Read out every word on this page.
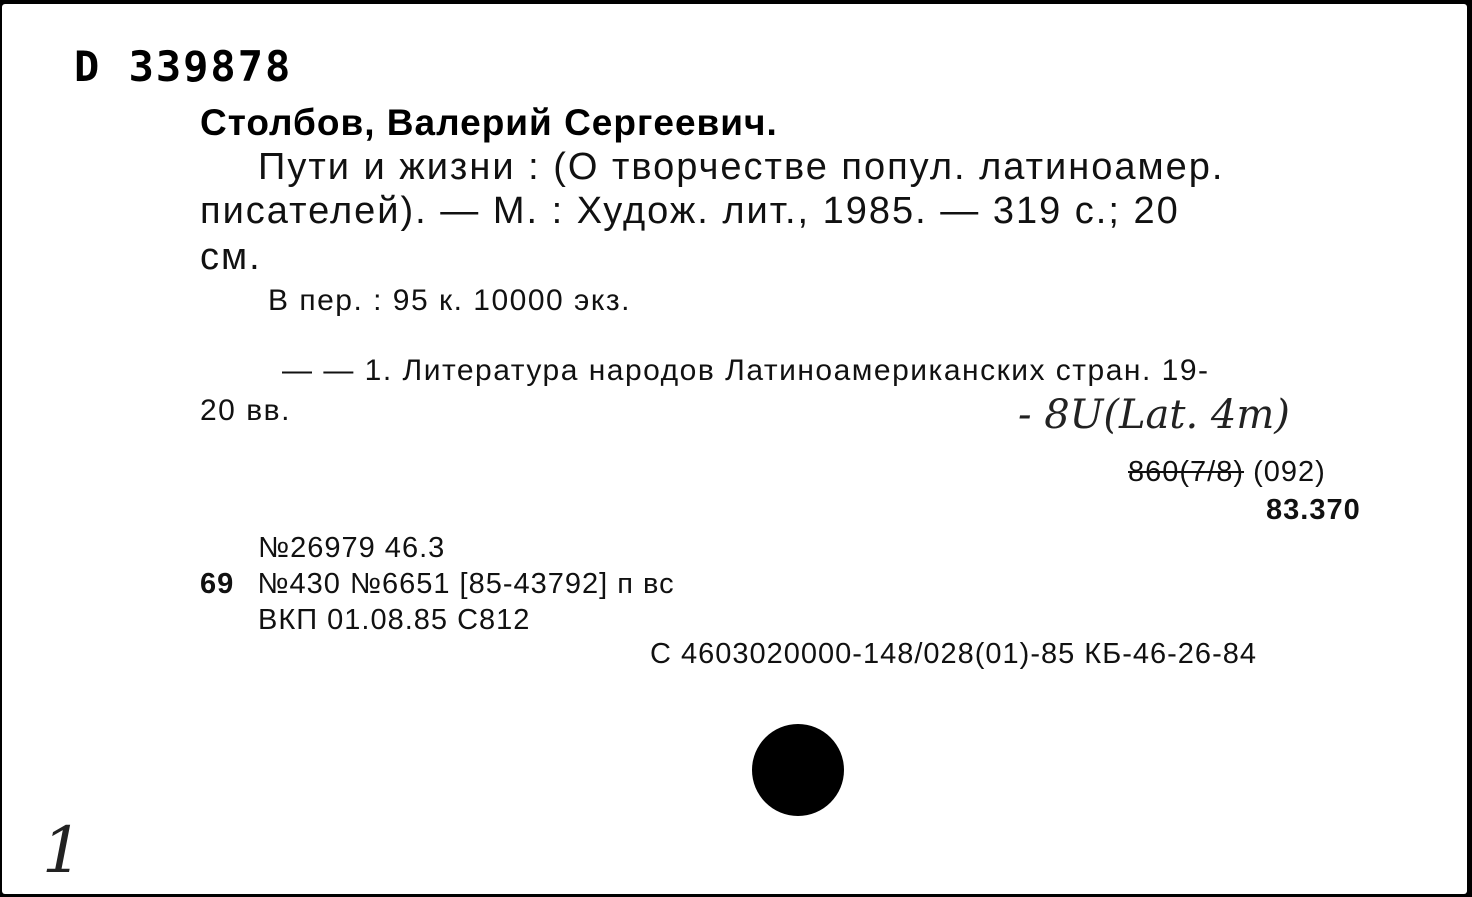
D 339878
Столбов, Валерий Сергеевич.
Пути и жизни : (О творчестве попул. латиноамер.
писателей). — М. : Худож. лит., 1985. — 319 с.; 20
см.
В пер. : 95 к. 10000 экз.
— — 1. Литература народов Латиноамериканских стран. 19-
20 вв.	- 8U(Lat. 4m)
860(7/8) (092)
83.370
№26979 46.3
69 №430 №6651 [85-43792] п вс
ВКП 01.08.85 С812
С 4603020000-148/028(01)-85 КБ-46-26-84
1
